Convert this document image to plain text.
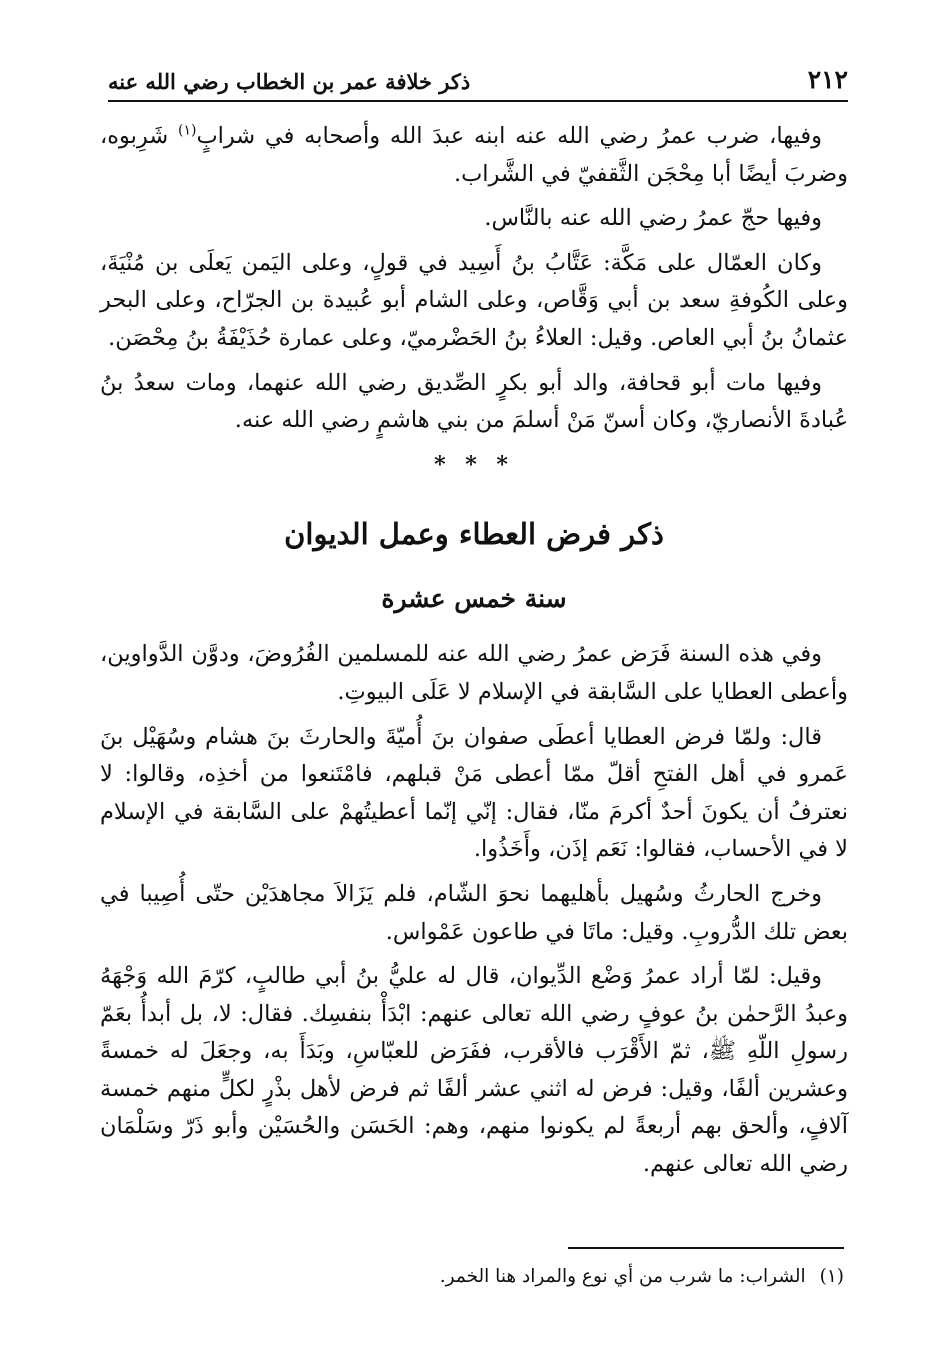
٢١٢
ذكر خلافة عمر بن الخطاب رضي الله عنه

وفيها، ضرب عمرُ رضي الله عنه ابنه عبدَ الله وأصحابه في شرابٍ$^{(١)}$ شَرِبوه، وضربَ أيضًا أبا مِحْجَن الثَّقفيّ في الشَّراب.

وفيها حجّ عمرُ رضي الله عنه بالنَّاس.

وكان العمّال على مَكَّة: عَتَّابُ بنُ أَسِيد في قولٍ، وعلى اليَمن يَعلَى بن مُنْيَةَ، وعلى الكُوفةِ سعد بن أبي وَقَّاص، وعلى الشام أبو عُبيدة بن الجرّاح، وعلى البحر عثمانُ بنُ أبي العاص. وقيل: العلاءُ بنُ الحَضْرميّ، وعلى عمارة حُذَيْفَةُ بنُ مِحْصَن.

وفيها مات أبو قحافة، والد أبو بكرٍ الصِّديق رضي الله عنهما، ومات سعدُ بنُ عُبادةَ الأنصاريّ، وكان أسنّ مَنْ أسلمَ من بني هاشمٍ رضي الله عنه.

* * *
ذكر فرض العطاء وعمل الديوان
سنة خمس عشرة

وفي هذه السنة فَرَض عمرُ رضي الله عنه للمسلمين الفُرُوضَ، ودوَّن الدَّواوين، وأعطى العطايا على السَّابقة في الإسلام لا عَلَى البيوتِ.

قال: ولمّا فرض العطايا أعطَى صفوان بنَ أُميّةَ والحارثَ بنَ هشام وسُهَيْل بنَ عَمرو في أهل الفتحِ أقلّ ممّا أعطى مَنْ قبلهم، فامْتَنعوا من أخذِه، وقالوا: لا نعترفُ أن يكونَ أحدٌ أكرمَ منّا، فقال: إنّي إنّما أعطيتُهمْ على السَّابقة في الإسلام لا في الأحساب، فقالوا: نَعَم إذَن، وأَخَذُوا.

وخرج الحارثُ وسُهيل بأهليهما نحوَ الشّام، فلم يَزَالاَ مجاهدَيْن حتّى أُصِيبا في بعض تلك الدُّروبِ. وقيل: ماتَا في طاعون عَمْواس.

وقيل: لمّا أراد عمرُ وَضْع الدِّيوان، قال له عليُّ بنُ أبي طالبٍ، كرّمَ الله وَجْهَهُ وعبدُ الرَّحمٰن بنُ عوفٍ رضي الله تعالى عنهم: ابْدَأْ بنفسِك. فقال: لا، بل أبدأُ بعَمّ رسولِ اللّهِ ﷺ، ثمّ الأَقْرَب فالأقرب، ففَرَض للعبّاسِ، وبَدَأَ به، وجعَلَ له خمسةً وعشرين ألفًا، وقيل: فرض له اثني عشر ألفًا ثم فرض لأهل بذْرٍ لكلٍّ منهم خمسة آلافٍ، وألحق بهم أربعةً لم يكونوا منهم، وهم: الحَسَن والحُسَيْن وأبو ذَرّ وسَلْمَان رضي الله تعالى عنهم.

(١)الشراب: ما شرب من أي نوع والمراد هنا الخمر.
